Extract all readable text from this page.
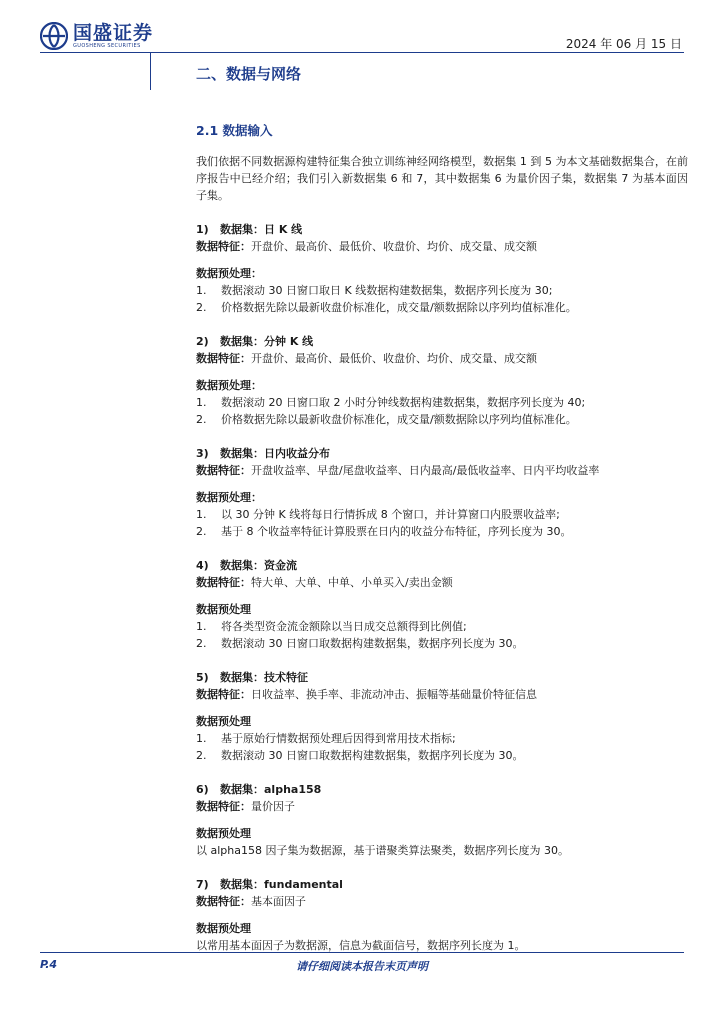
国盛证券
GUOSHENG SECURITIES	2024 年 06 月 15 日
二、数据与网络
2.1 数据输入

我们依据不同数据源构建特征集合独立训练神经网络模型，数据集 1 到 5 为本文基础数据集合，在前序报告中已经介绍；我们引入新数据集 6 和 7，其中数据集 6 为量价因子集，数据集 7 为基本面因子集。

1) 数据集：日 K 线

数据特征：开盘价、最高价、最低价、收盘价、均价、成交量、成交额

数据预处理：

1.	数据滚动 30 日窗口取日 K 线数据构建数据集，数据序列长度为 30;
2.	价格数据先除以最新收盘价标准化，成交量/额数据除以序列均值标准化。

2) 数据集：分钟 K 线

数据特征：开盘价、最高价、最低价、收盘价、均价、成交量、成交额

数据预处理：

1.	数据滚动 20 日窗口取 2 小时分钟线数据构建数据集，数据序列长度为 40;
2.	价格数据先除以最新收盘价标准化，成交量/额数据除以序列均值标准化。

3) 数据集：日内收益分布

数据特征：开盘收益率、早盘/尾盘收益率、日内最高/最低收益率、日内平均收益率

数据预处理：

1.	以 30 分钟 K 线将每日行情拆成 8 个窗口，并计算窗口内股票收益率;
2.	基于 8 个收益率特征计算股票在日内的收益分布特征，序列长度为 30。

4) 数据集：资金流

数据特征：特大单、大单、中单、小单买入/卖出金额

数据预处理

1.	将各类型资金流金额除以当日成交总额得到比例值;
2.	数据滚动 30 日窗口取数据构建数据集，数据序列长度为 30。

5) 数据集：技术特征

数据特征：日收益率、换手率、非流动冲击、振幅等基础量价特征信息

数据预处理

1.	基于原始行情数据预处理后因得到常用技术指标;
2.	数据滚动 30 日窗口取数据构建数据集，数据序列长度为 30。

6) 数据集：alpha158

数据特征：量价因子

数据预处理

以 alpha158 因子集为数据源，基于谱聚类算法聚类，数据序列长度为 30。

7) 数据集：fundamental

数据特征：基本面因子

数据预处理

以常用基本面因子为数据源，信息为截面信号，数据序列长度为 1。

P.4	请仔细阅读本报告末页声明
